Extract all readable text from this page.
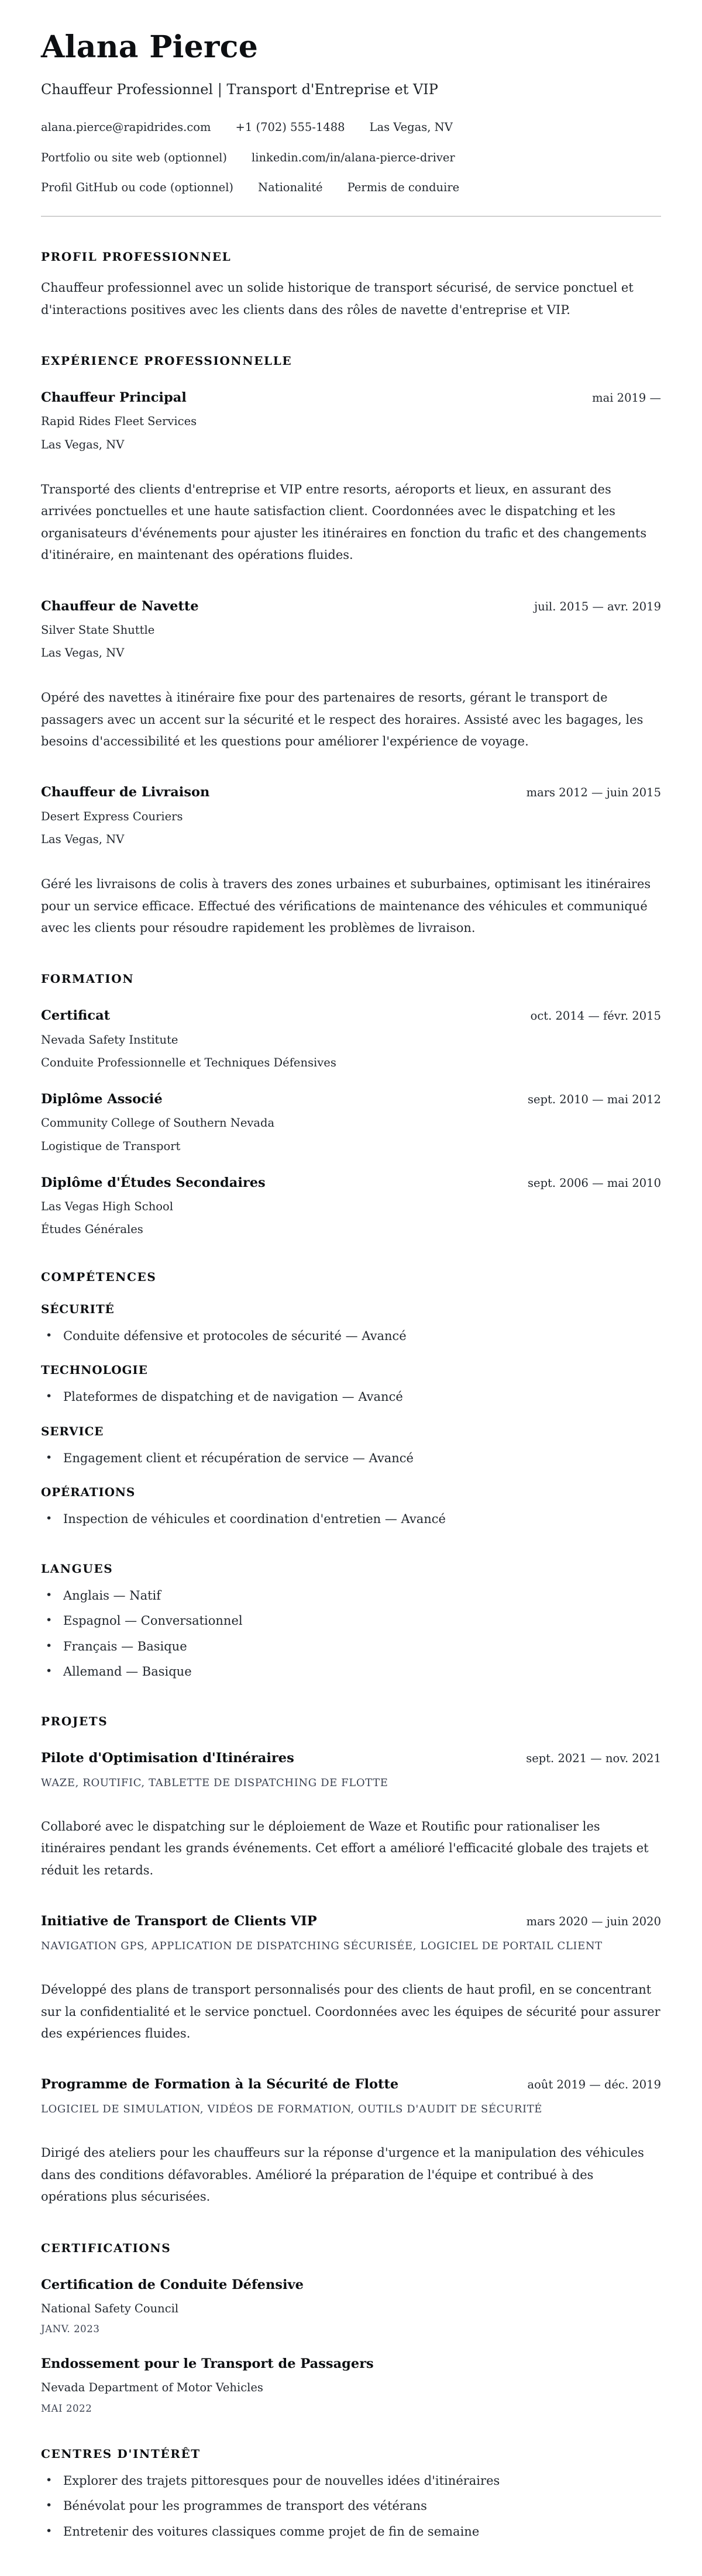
Alana Pierce

Chauffeur Professionnel | Transport d'Entreprise et VIP

alana.pierce@rapidrides.com +1 (702) 555-1488 Las Vegas, NV
Portfolio ou site web (optionnel) linkedin.com/in/alana-pierce-driver
Profil GitHub ou code (optionnel) Nationalité Permis de conduire
PROFIL PROFESSIONNEL

Chauffeur professionnel avec un solide historique de transport sécurisé, de service ponctuel et d'interactions positives avec les clients dans des rôles de navette d'entreprise et VIP.

EXPÉRIENCE PROFESSIONNELLE
Chauffeur Principal	mai 2019 —
Rapid Rides Fleet Services
Las Vegas, NV

Transporté des clients d'entreprise et VIP entre resorts, aéroports et lieux, en assurant des arrivées ponctuelles et une haute satisfaction client. Coordonnées avec le dispatching et les organisateurs d'événements pour ajuster les itinéraires en fonction du trafic et des changements d'itinéraire, en maintenant des opérations fluides.

Chauffeur de Navette	juil. 2015 — avr. 2019
Silver State Shuttle
Las Vegas, NV

Opéré des navettes à itinéraire fixe pour des partenaires de resorts, gérant le transport de passagers avec un accent sur la sécurité et le respect des horaires. Assisté avec les bagages, les besoins d'accessibilité et les questions pour améliorer l'expérience de voyage.

Chauffeur de Livraison	mars 2012 — juin 2015
Desert Express Couriers
Las Vegas, NV

Géré les livraisons de colis à travers des zones urbaines et suburbaines, optimisant les itinéraires pour un service efficace. Effectué des vérifications de maintenance des véhicules et communiqué avec les clients pour résoudre rapidement les problèmes de livraison.

FORMATION
Certificat	oct. 2014 — févr. 2015
Nevada Safety Institute
Conduite Professionnelle et Techniques Défensives
Diplôme Associé	sept. 2010 — mai 2012
Community College of Southern Nevada
Logistique de Transport
Diplôme d'Études Secondaires	sept. 2006 — mai 2010
Las Vegas High School
Études Générales
COMPÉTENCES
SÉCURITÉ
• Conduite défensive et protocoles de sécurité — Avancé
TECHNOLOGIE
• Plateformes de dispatching et de navigation — Avancé
SERVICE
• Engagement client et récupération de service — Avancé
OPÉRATIONS
• Inspection de véhicules et coordination d'entretien — Avancé
LANGUES
• Anglais — Natif
• Espagnol — Conversationnel
• Français — Basique
• Allemand — Basique
PROJETS
Pilote d'Optimisation d'Itinéraires	sept. 2021 — nov. 2021
WAZE, ROUTIFIC, TABLETTE DE DISPATCHING DE FLOTTE

Collaboré avec le dispatching sur le déploiement de Waze et Routific pour rationaliser les itinéraires pendant les grands événements. Cet effort a amélioré l'efficacité globale des trajets et réduit les retards.

Initiative de Transport de Clients VIP	mars 2020 — juin 2020
NAVIGATION GPS, APPLICATION DE DISPATCHING SÉCURISÉE, LOGICIEL DE PORTAIL CLIENT

Développé des plans de transport personnalisés pour des clients de haut profil, en se concentrant sur la confidentialité et le service ponctuel. Coordonnées avec les équipes de sécurité pour assurer des expériences fluides.

Programme de Formation à la Sécurité de Flotte	août 2019 — déc. 2019
LOGICIEL DE SIMULATION, VIDÉOS DE FORMATION, OUTILS D'AUDIT DE SÉCURITÉ

Dirigé des ateliers pour les chauffeurs sur la réponse d'urgence et la manipulation des véhicules dans des conditions défavorables. Amélioré la préparation de l'équipe et contribué à des opérations plus sécurisées.

CERTIFICATIONS
Certification de Conduite Défensive
National Safety Council
JANV. 2023
Endossement pour le Transport de Passagers
Nevada Department of Motor Vehicles
MAI 2022
CENTRES D'INTÉRÊT
• Explorer des trajets pittoresques pour de nouvelles idées d'itinéraires
• Bénévolat pour les programmes de transport des vétérans
• Entretenir des voitures classiques comme projet de fin de semaine
